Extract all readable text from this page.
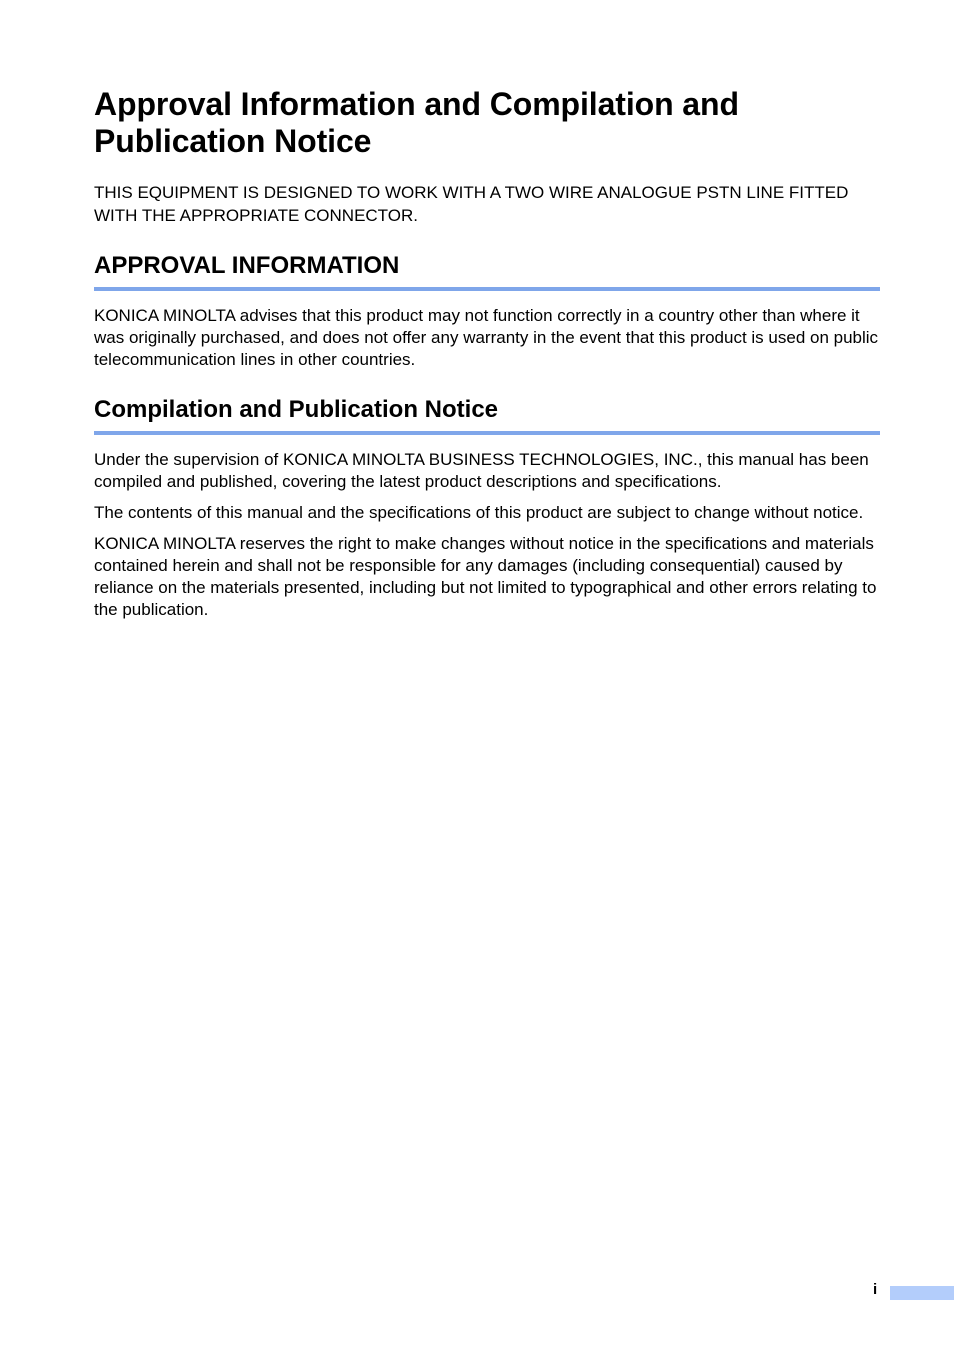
Approval Information and Compilation and Publication Notice

THIS EQUIPMENT IS DESIGNED TO WORK WITH A TWO WIRE ANALOGUE PSTN LINE FITTED WITH THE APPROPRIATE CONNECTOR.

APPROVAL INFORMATION

KONICA MINOLTA advises that this product may not function correctly in a country other than where it was originally purchased, and does not offer any warranty in the event that this product is used on public telecommunication lines in other countries.

Compilation and Publication Notice

Under the supervision of KONICA MINOLTA BUSINESS TECHNOLOGIES, INC., this manual has been compiled and published, covering the latest product descriptions and specifications.

The contents of this manual and the specifications of this product are subject to change without notice.

KONICA MINOLTA reserves the right to make changes without notice in the specifications and materials contained herein and shall not be responsible for any damages (including consequential) caused by reliance on the materials presented, including but not limited to typographical and other errors relating to the publication.

i
